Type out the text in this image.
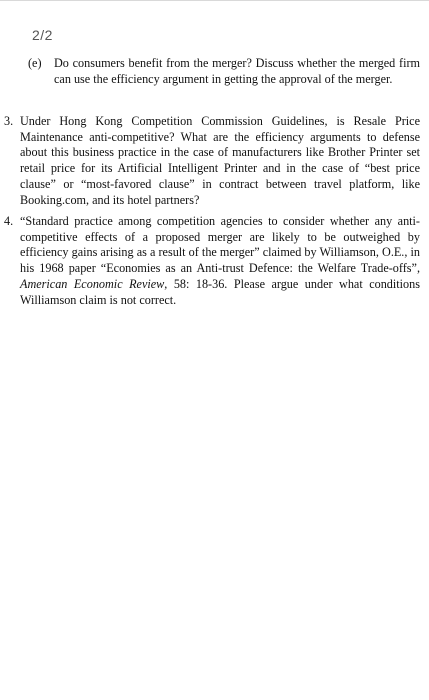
2/2
(e) Do consumers benefit from the merger? Discuss whether the merged firm can use the efficiency argument in getting the approval of the merger.

3. Under Hong Kong Competition Commission Guidelines, is Resale Price Maintenance anti-competitive? What are the efficiency arguments to defense about this business practice in the case of manufacturers like Brother Printer set retail price for its Artificial Intelligent Printer and in the case of “best price clause” or “most-favored clause” in contract between travel platform, like Booking.com, and its hotel partners?

4. “Standard practice among competition agencies to consider whether any anti-competitive effects of a proposed merger are likely to be outweighed by efficiency gains arising as a result of the merger” claimed by Williamson, O.E., in his 1968 paper “Economies as an Anti-trust Defence: the Welfare Trade-offs”, American Economic Review, 58: 18-36. Please argue under what conditions Williamson claim is not correct.
